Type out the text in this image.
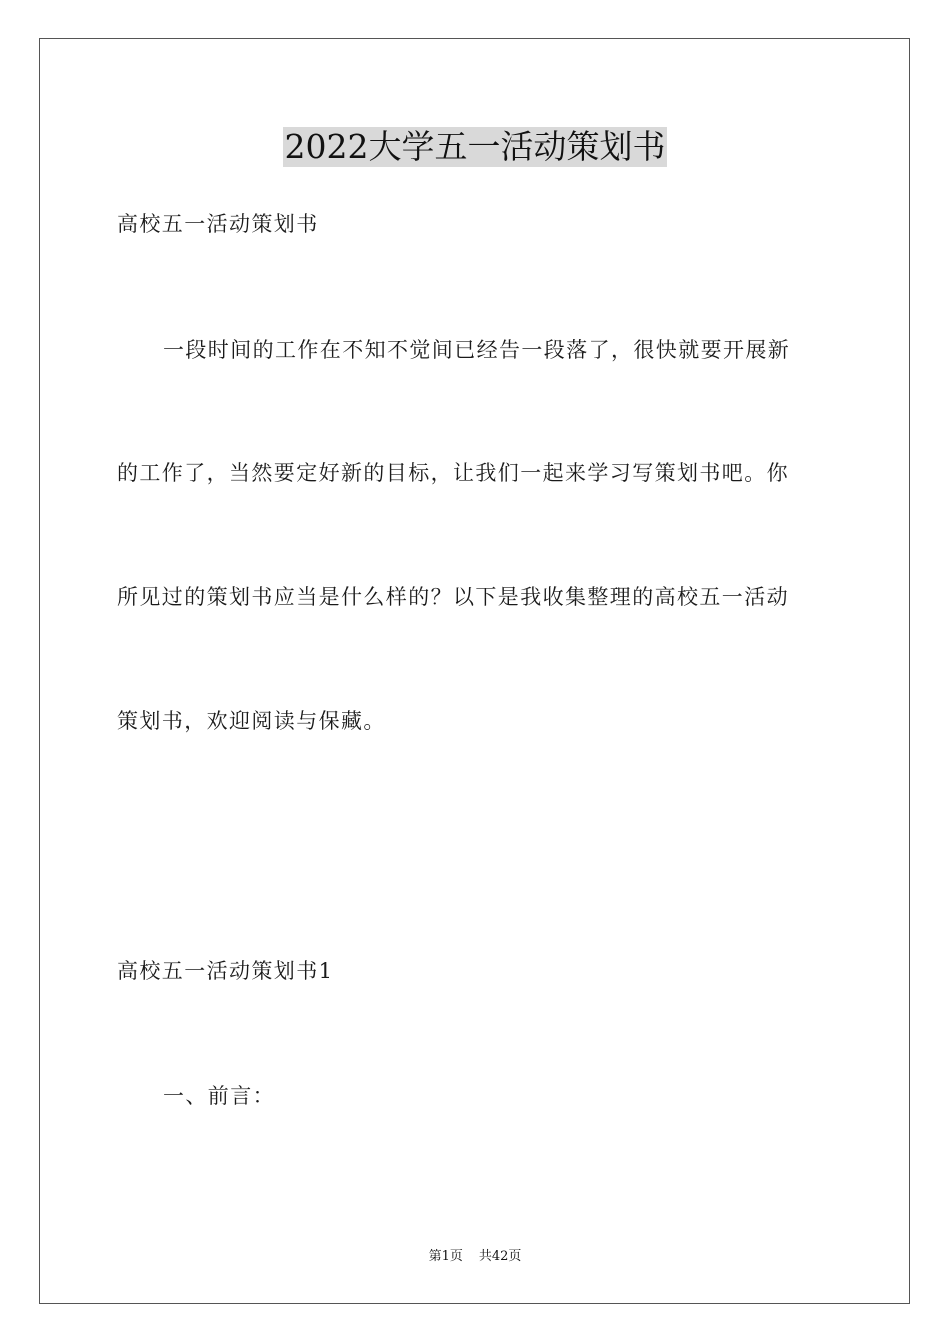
2022大学五一活动策划书
高校五一活动策划书
一段时间的工作在不知不觉间已经告一段落了，很快就要开展新
的工作了，当然要定好新的目标，让我们一起来学习写策划书吧。你
所见过的策划书应当是什么样的？以下是我收集整理的高校五一活动
策划书，欢迎阅读与保藏。
高校五一活动策划书1
一、前言：
第1页 共42页
